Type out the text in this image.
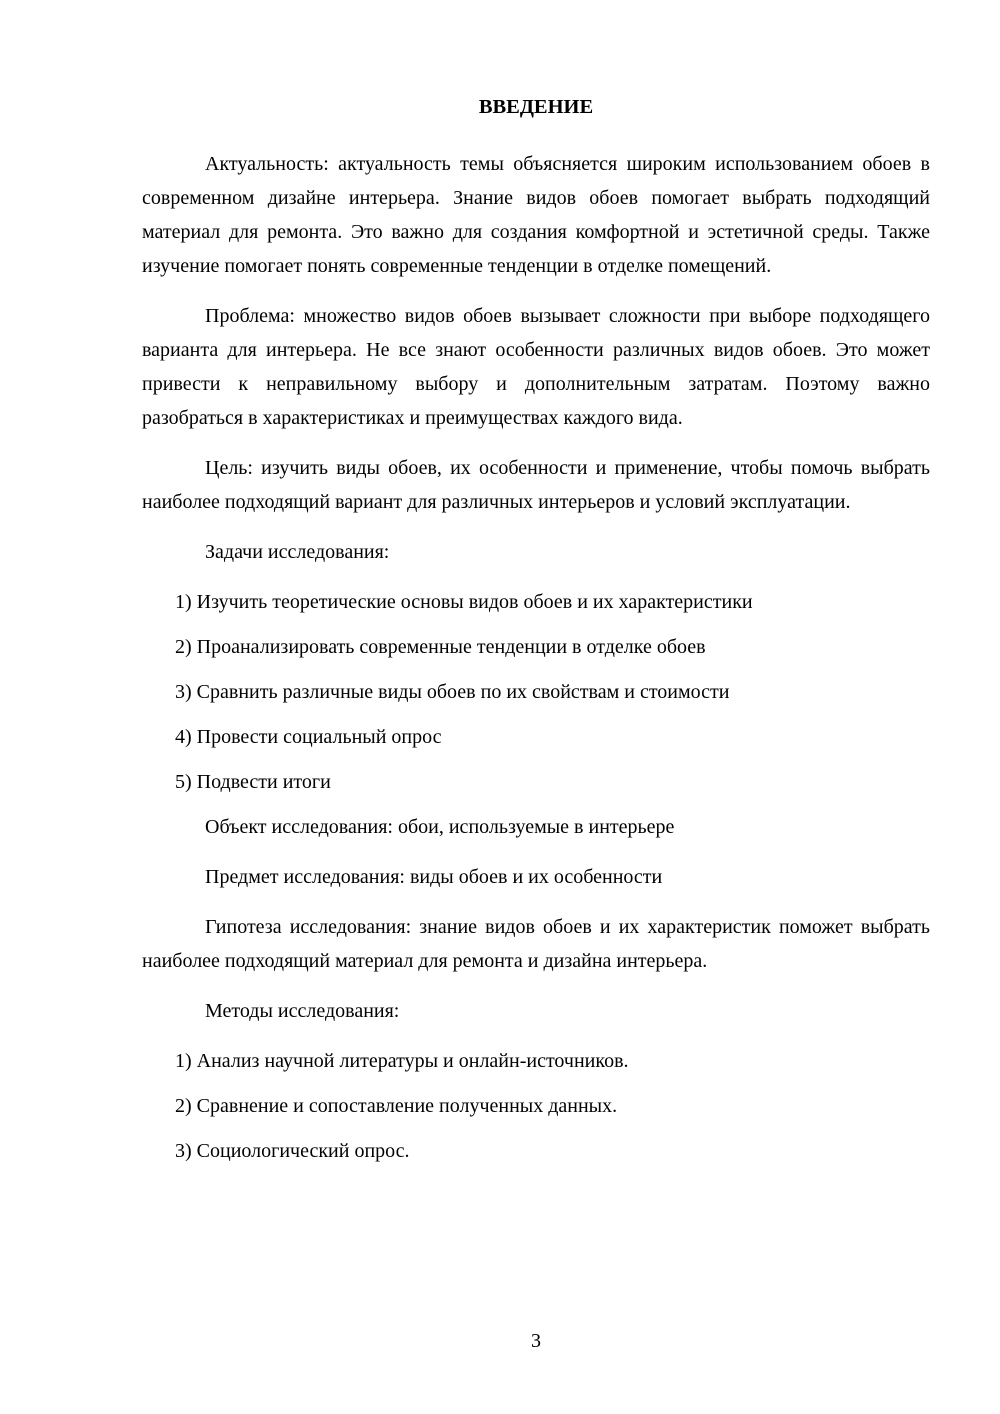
ВВЕДЕНИЕ

Актуальность: актуальность темы объясняется широким использованием обоев в современном дизайне интерьера. Знание видов обоев помогает выбрать подходящий материал для ремонта. Это важно для создания комфортной и эстетичной среды. Также изучение помогает понять современные тенденции в отделке помещений.

Проблема: множество видов обоев вызывает сложности при выборе подходящего варианта для интерьера. Не все знают особенности различных видов обоев. Это может привести к неправильному выбору и дополнительным затратам. Поэтому важно разобраться в характеристиках и преимуществах каждого вида.

Цель: изучить виды обоев, их особенности и применение, чтобы помочь выбрать наиболее подходящий вариант для различных интерьеров и условий эксплуатации.

Задачи исследования:

1) Изучить теоретические основы видов обоев и их характеристики
2) Проанализировать современные тенденции в отделке обоев
3) Сравнить различные виды обоев по их свойствам и стоимости
4) Провести социальный опрос
5) Подвести итоги

Объект исследования: обои, используемые в интерьере

Предмет исследования: виды обоев и их особенности

Гипотеза исследования: знание видов обоев и их характеристик поможет выбрать наиболее подходящий материал для ремонта и дизайна интерьера.

Методы исследования:

1) Анализ научной литературы и онлайн-источников.
2) Сравнение и сопоставление полученных данных.
3) Социологический опрос.
3
